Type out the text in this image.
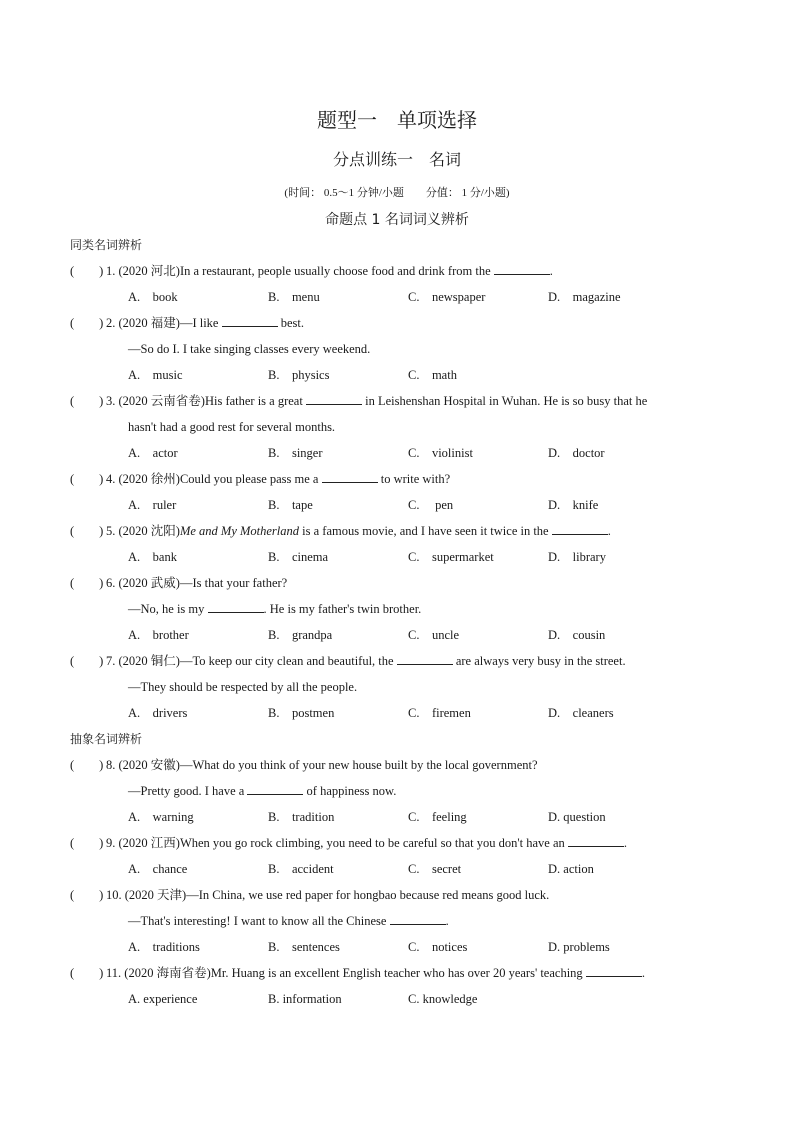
题型一　单项选择
分点训练一　名词
(时间： 0.5～1 分钟/小题　　分值： 1 分/小题)
命题点 1 名词词义辨析
同类名词辨析
(　　) 1. (2020 河北)In a restaurant, people usually choose food and drink from the	.
A.　book	B.　menu	C.　newspaper	D.　magazine
(　　) 2. (2020 福建)—I like	best.
—So do I. I take singing classes every weekend.
A.　music	B.　physics	C.　math
(　　) 3. (2020 云南省卷)His father is a great	in Leishenshan Hospital in Wuhan. He is so busy that he
hasn't had a good rest for several months.
A.　actor	B.　singer	C.　violinist	D.　doctor
(　　) 4. (2020 徐州)Could you please pass me a	to write with?
A.　ruler	B.　tape	C.　 pen	D.　knife
(　　) 5. (2020 沈阳)Me and My Motherland is a famous movie, and I have seen it twice in the	.
A.　bank	B.　cinema	C.　supermarket	D.　library
(　　) 6. (2020 武威)—Is that your father?
—No, he is my	. He is my father's twin brother.
A.　brother	B.　grandpa	C.　uncle	D.　cousin
(　　) 7. (2020 铜仁)—To keep our city clean and beautiful, the	are always very busy in the street.
—They should be respected by all the people.
A.　drivers	B.　postmen	C.　firemen	D.　cleaners
抽象名词辨析
(　　) 8. (2020 安徽)—What do you think of your new house built by the local government?
—Pretty good. I have a	of happiness now.
A.　warning	B.　tradition	C.　feeling	D. question
(　　) 9. (2020 江西)When you go rock climbing, you need to be careful so that you don't have an	.
A.　chance	B.　accident	C.　secret	D. action
(　　) 10. (2020 天津)—In China, we use red paper for hongbao because red means good luck.
—That's interesting! I want to know all the Chinese	.
A.　traditions	B.　sentences	C.　notices	D. problems
(　　) 11. (2020 海南省卷)Mr. Huang is an excellent English teacher who has over 20 years' teaching	.
A. experience	B. information	C. knowledge
